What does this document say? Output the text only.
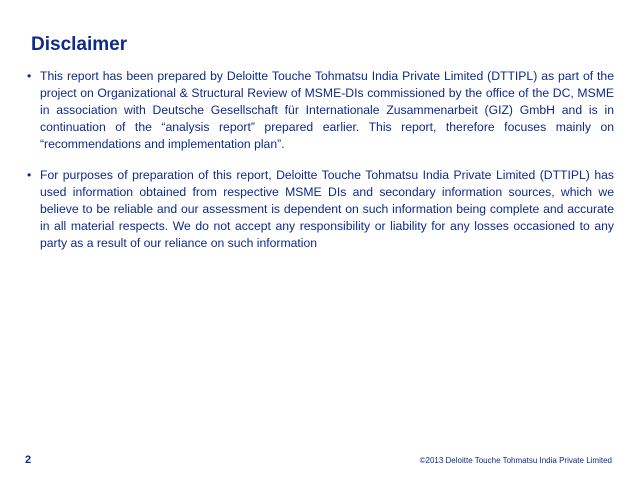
Disclaimer
• This report has been prepared by Deloitte Touche Tohmatsu India Private Limited (DTTIPL) as part of the project on Organizational & Structural Review of MSME-DIs commissioned by the office of the DC, MSME in association with Deutsche Gesellschaft für Internationale Zusammenarbeit (GIZ) GmbH and is in continuation of the “analysis report” prepared earlier. This report, therefore focuses mainly on “recommendations and implementation plan”.
• For purposes of preparation of this report, Deloitte Touche Tohmatsu India Private Limited (DTTIPL) has used information obtained from respective MSME DIs and secondary information sources, which we believe to be reliable and our assessment is dependent on such information being complete and accurate in all material respects. We do not accept any responsibility or liability for any losses occasioned to any party as a result of our reliance on such information
2	©2013 Deloitte Touche Tohmatsu India Private Limited
